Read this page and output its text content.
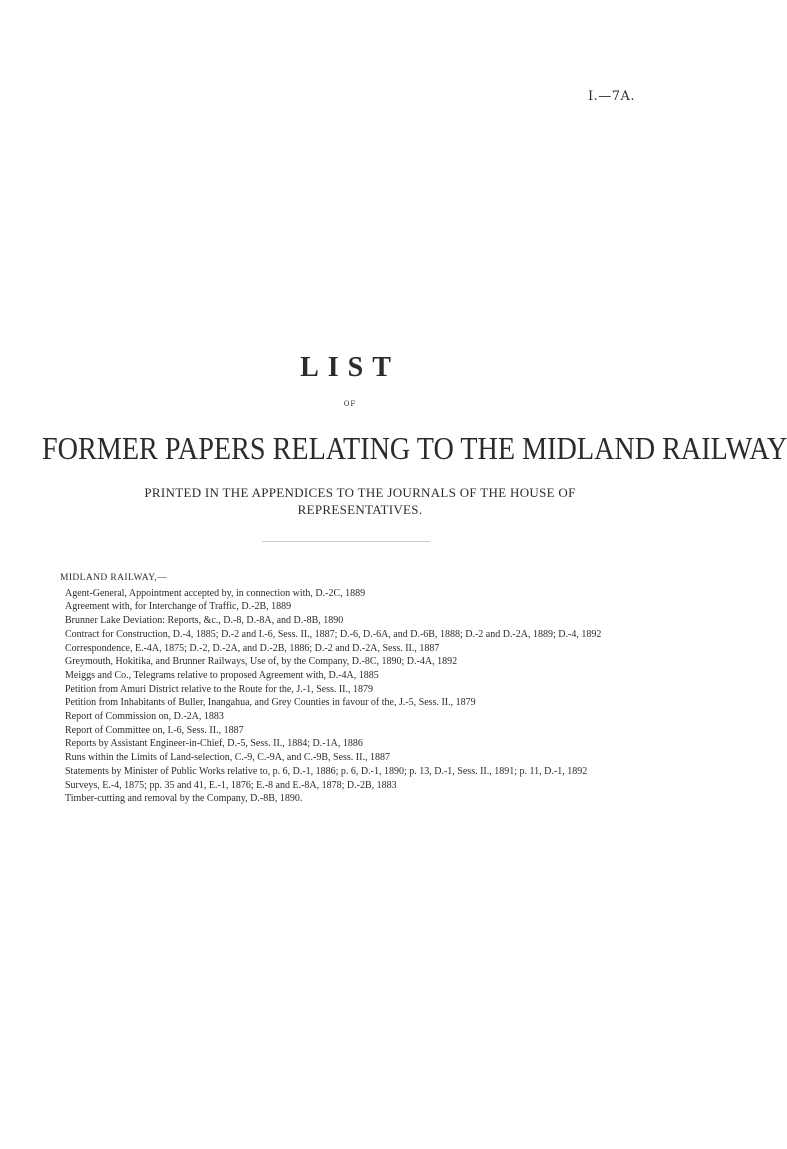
I.—7A.
LIST
OF
FORMER PAPERS RELATING TO THE MIDLAND RAILWAY
PRINTED IN THE APPENDICES TO THE JOURNALS OF THE HOUSE OF REPRESENTATIVES.
MIDLAND RAILWAY,—
Agent-General, Appointment accepted by, in connection with, D.-2C, 1889
Agreement with, for Interchange of Traffic, D.-2B, 1889
Brunner Lake Deviation: Reports, &c., D.-8, D.-8A, and D.-8B, 1890
Contract for Construction, D.-4, 1885; D.-2 and I.-6, Sess. II., 1887; D.-6, D.-6A, and D.-6B, 1888; D.-2 and D.-2A, 1889; D.-4, 1892
Correspondence, E.-4A, 1875; D.-2, D.-2A, and D.-2B, 1886; D.-2 and D.-2A, Sess. II., 1887
Greymouth, Hokitika, and Brunner Railways, Use of, by the Company, D.-8C, 1890; D.-4A, 1892
Meiggs and Co., Telegrams relative to proposed Agreement with, D.-4A, 1885
Petition from Amuri District relative to the Route for the, J.-1, Sess. II., 1879
Petition from Inhabitants of Buller, Inangahua, and Grey Counties in favour of the, J.-5, Sess. II., 1879
Report of Commission on, D.-2A, 1883
Report of Committee on, I.-6, Sess. II., 1887
Reports by Assistant Engineer-in-Chief, D.-5, Sess. II., 1884; D.-1A, 1886
Runs within the Limits of Land-selection, C.-9, C.-9A, and C.-9B, Sess. II., 1887
Statements by Minister of Public Works relative to, p. 6, D.-1, 1886; p. 6, D.-1, 1890; p. 13, D.-1, Sess. II., 1891; p. 11, D.-1, 1892
Surveys, E.-4, 1875; pp. 35 and 41, E.-1, 1876; E.-8 and E.-8A, 1878; D.-2B, 1883
Timber-cutting and removal by the Company, D.-8B, 1890.
